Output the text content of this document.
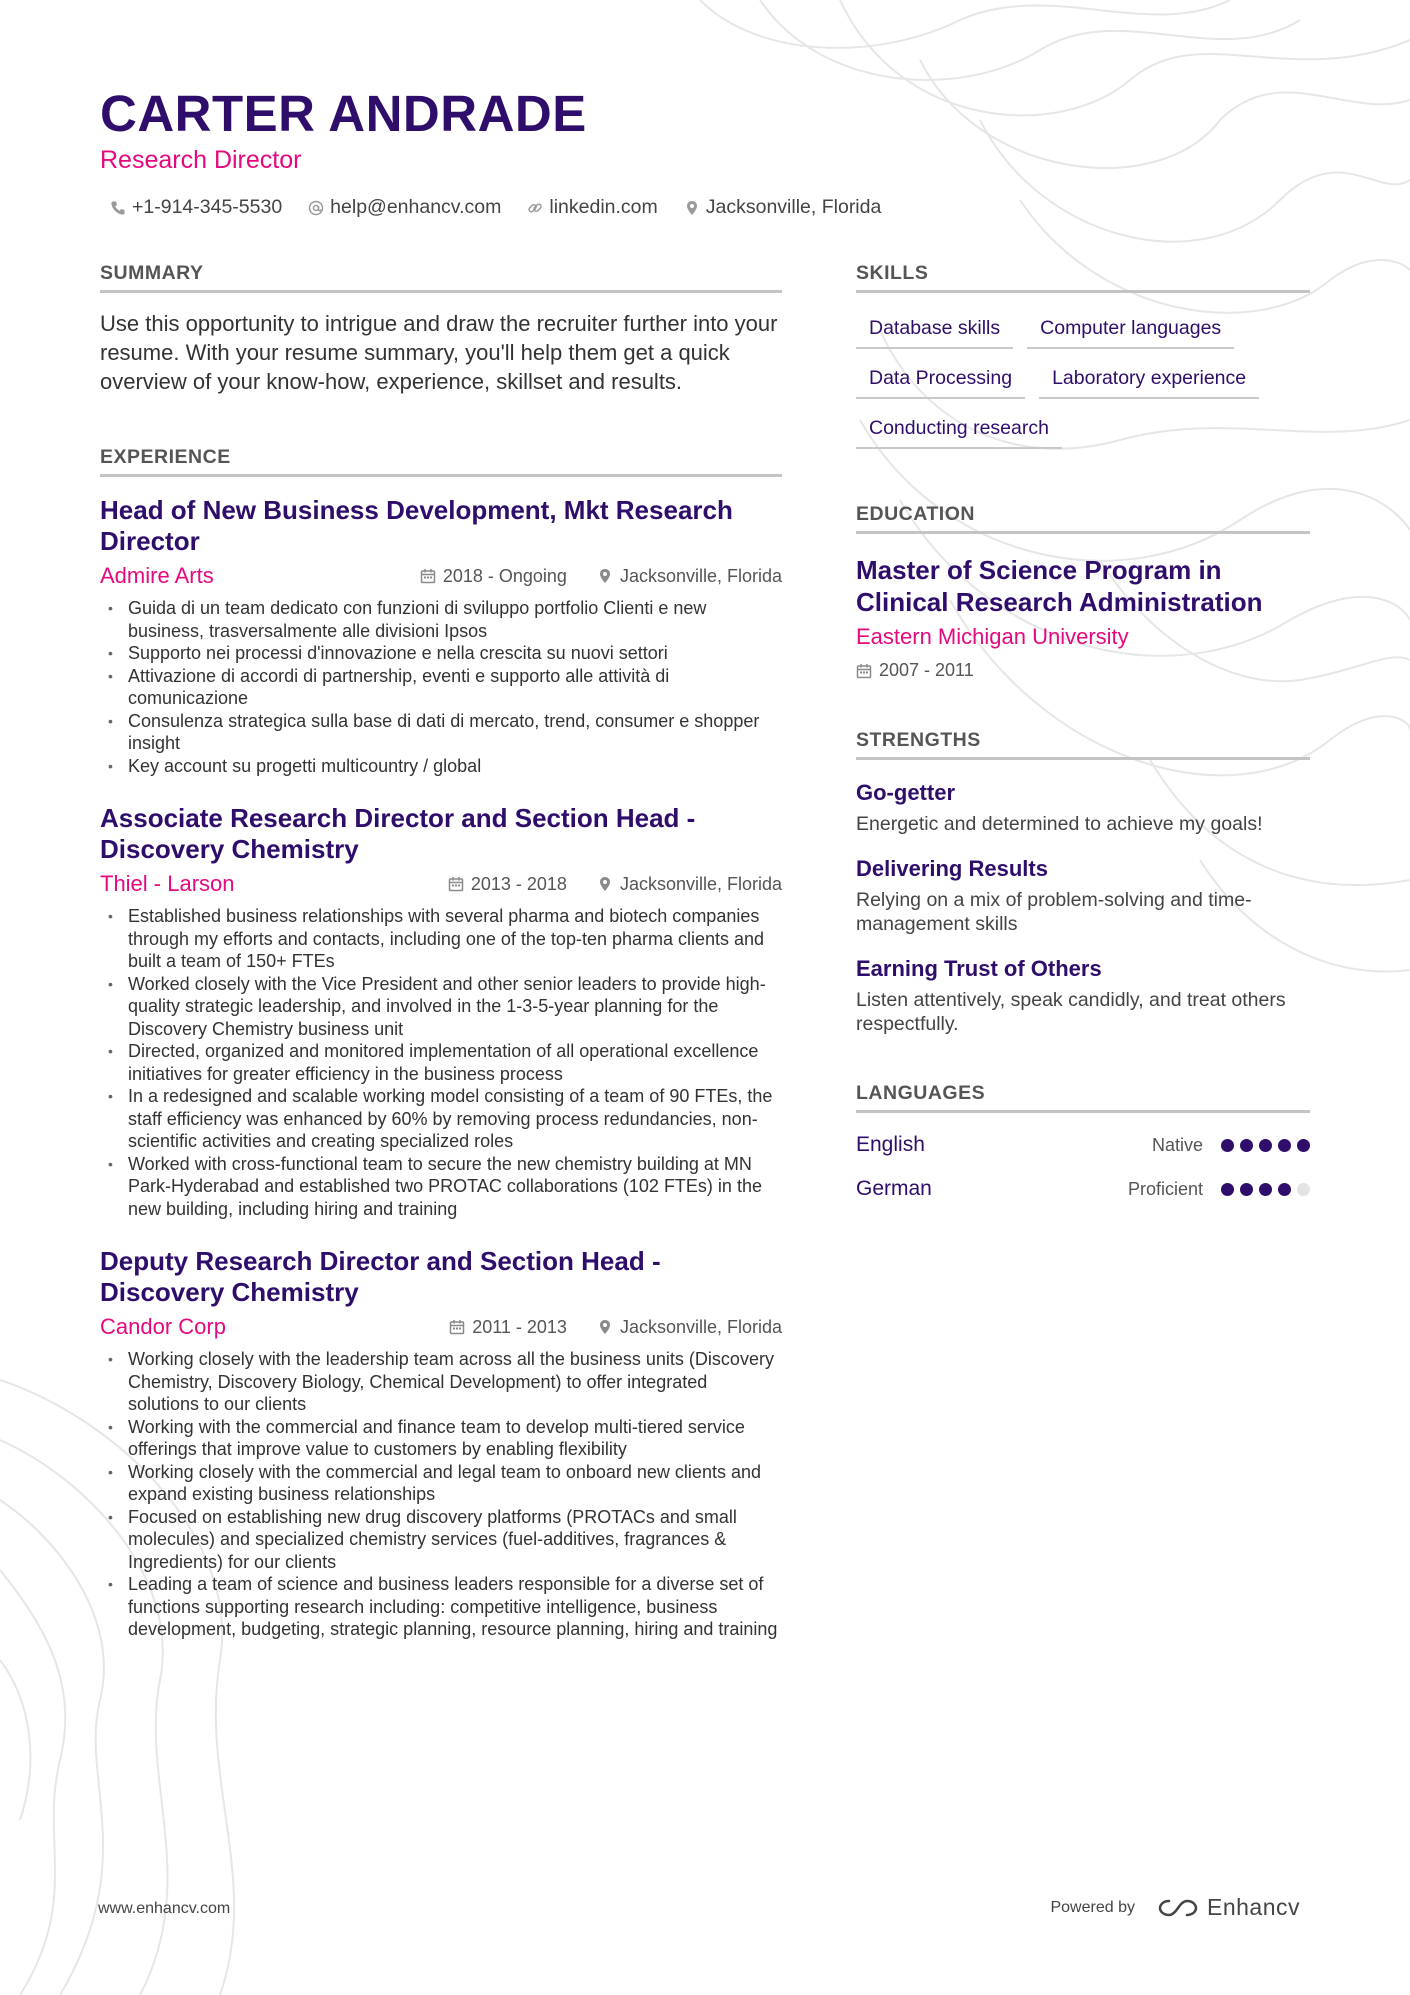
CARTER ANDRADE
Research Director
+1-914-345-5530 help@enhancv.com linkedin.com Jacksonville, Florida
SUMMARY

Use this opportunity to intrigue and draw the recruiter further into your resume. With your resume summary, you'll help them get a quick overview of your know-how, experience, skillset and results.

EXPERIENCE
Head of New Business Development, Mkt Research Director
Admire Arts	2018 - Ongoing	Jacksonville, Florida
• Guida di un team dedicato con funzioni di sviluppo portfolio Clienti e new business, trasversalmente alle divisioni Ipsos
• Supporto nei processi d'innovazione e nella crescita su nuovi settori
• Attivazione di accordi di partnership, eventi e supporto alle attività di comunicazione
• Consulenza strategica sulla base di dati di mercato, trend, consumer e shopper insight
• Key account su progetti multicountry / global
Associate Research Director and Section Head - Discovery Chemistry
Thiel - Larson	2013 - 2018	Jacksonville, Florida
• Established business relationships with several pharma and biotech companies through my efforts and contacts, including one of the top-ten pharma clients and built a team of 150+ FTEs
• Worked closely with the Vice President and other senior leaders to provide high-quality strategic leadership, and involved in the 1-3-5-year planning for the Discovery Chemistry business unit
• Directed, organized and monitored implementation of all operational excellence initiatives for greater efficiency in the business process
• In a redesigned and scalable working model consisting of a team of 90 FTEs, the staff efficiency was enhanced by 60% by removing process redundancies, non-scientific activities and creating specialized roles
• Worked with cross-functional team to secure the new chemistry building at MN Park-Hyderabad and established two PROTAC collaborations (102 FTEs) in the new building, including hiring and training
Deputy Research Director and Section Head - Discovery Chemistry
Candor Corp	2011 - 2013	Jacksonville, Florida
• Working closely with the leadership team across all the business units (Discovery Chemistry, Discovery Biology, Chemical Development) to offer integrated solutions to our clients
• Working with the commercial and finance team to develop multi-tiered service offerings that improve value to customers by enabling flexibility
• Working closely with the commercial and legal team to onboard new clients and expand existing business relationships
• Focused on establishing new drug discovery platforms (PROTACs and small molecules) and specialized chemistry services (fuel-additives, fragrances & Ingredients) for our clients
• Leading a team of science and business leaders responsible for a diverse set of functions supporting research including: competitive intelligence, business development, budgeting, strategic planning, resource planning, hiring and training
SKILLS
Database skills	Computer languages
Data Processing	Laboratory experience
Conducting research
EDUCATION
Master of Science Program in Clinical Research Administration
Eastern Michigan University
2007 - 2011
STRENGTHS
Go-getter

Energetic and determined to achieve my goals!

Delivering Results

Relying on a mix of problem-solving and time-management skills

Earning Trust of Others

Listen attentively, speak candidly, and treat others respectfully.

LANGUAGES
English	Native
German	Proficient
www.enhancv.com	Powered by	Enhancv
